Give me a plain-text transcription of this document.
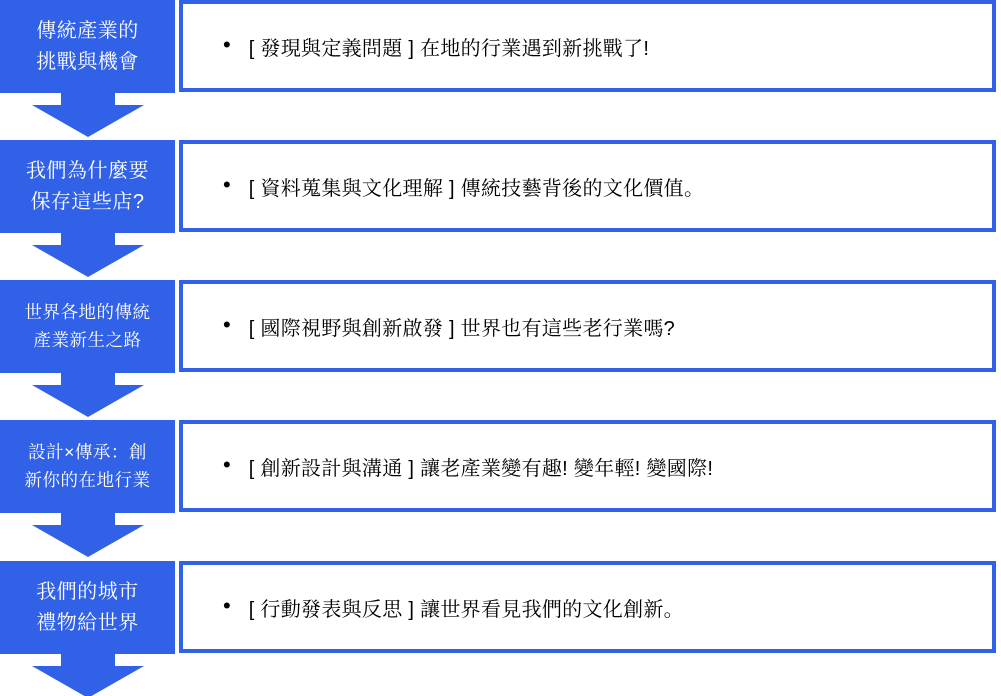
傳統產業的
挑戰與機會
• [ 發現與定義問題 ] 在地的行業遇到新挑戰了!
我們為什麼要
保存這些店?
• [ 資料蒐集與文化理解 ] 傳統技藝背後的文化價值。
世界各地的傳統
產業新生之路
• [ 國際視野與創新啟發 ] 世界也有這些老行業嗎?
設計×傳承：創
新你的在地行業
• [ 創新設計與溝通 ] 讓老產業變有趣! 變年輕! 變國際!
我們的城市
禮物給世界
• [ 行動發表與反思 ] 讓世界看見我們的文化創新。
